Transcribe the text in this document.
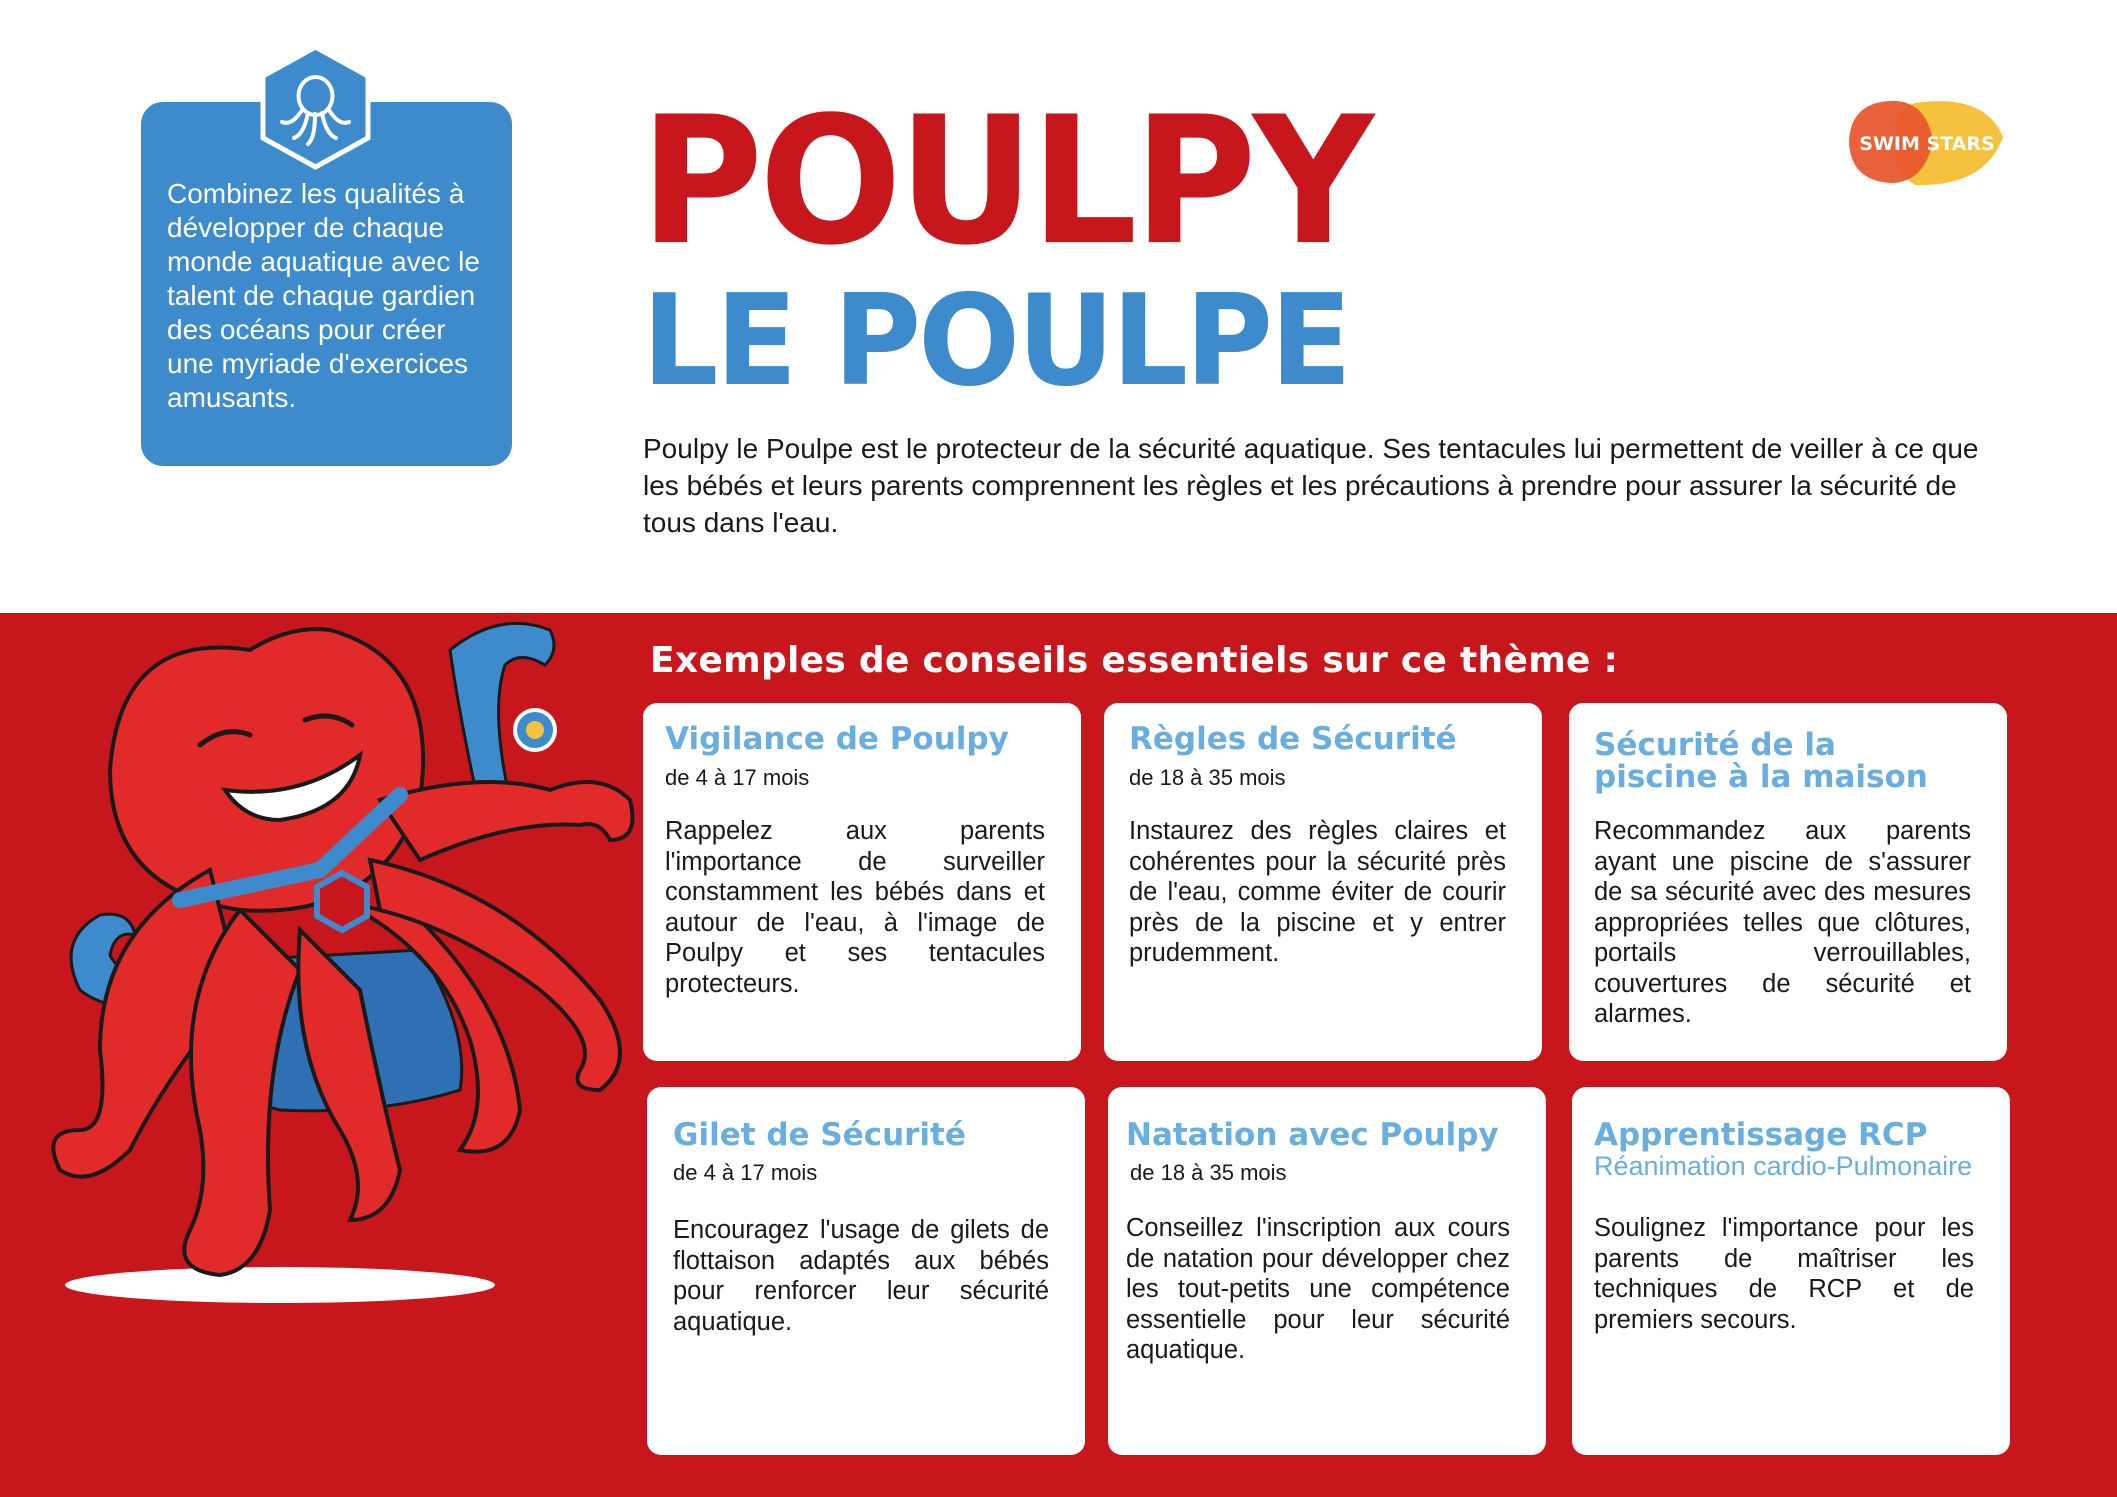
Combinez les qualités à développer de chaque monde aquatique avec le talent de chaque gardien des océans pour créer une myriade d'exercices amusants.
POULPY
LE POULPE
Poulpy le Poulpe est le protecteur de la sécurité aquatique. Ses tentacules lui permettent de veiller à ce que les bébés et leurs parents comprennent les règles et les précautions à prendre pour assurer la sécurité de tous dans l'eau.
SWIM STARS
Exemples de conseils essentiels sur ce thème :
Vigilance de Poulpy
de 4 à 17 mois
Rappelez aux parents l'importance de surveiller constamment les bébés dans et autour de l'eau, à l'image de Poulpy et ses tentacules protecteurs.
Règles de Sécurité
de 18 à 35 mois
Instaurez des règles claires et cohérentes pour la sécurité près de l'eau, comme éviter de courir près de la piscine et y entrer prudemment.
Sécurité de la piscine à la maison
Recommandez aux parents ayant une piscine de s'assurer de sa sécurité avec des mesures appropriées telles que clôtures, portails verrouillables, couvertures de sécurité et alarmes.
Gilet de Sécurité
de 4 à 17 mois
Encouragez l'usage de gilets de flottaison adaptés aux bébés pour renforcer leur sécurité aquatique.
Natation avec Poulpy
de 18 à 35 mois
Conseillez l'inscription aux cours de natation pour développer chez les tout-petits une compétence essentielle pour leur sécurité aquatique.
Apprentissage RCP
Réanimation cardio-Pulmonaire
Soulignez l'importance pour les parents de maîtriser les techniques de RCP et de premiers secours.
